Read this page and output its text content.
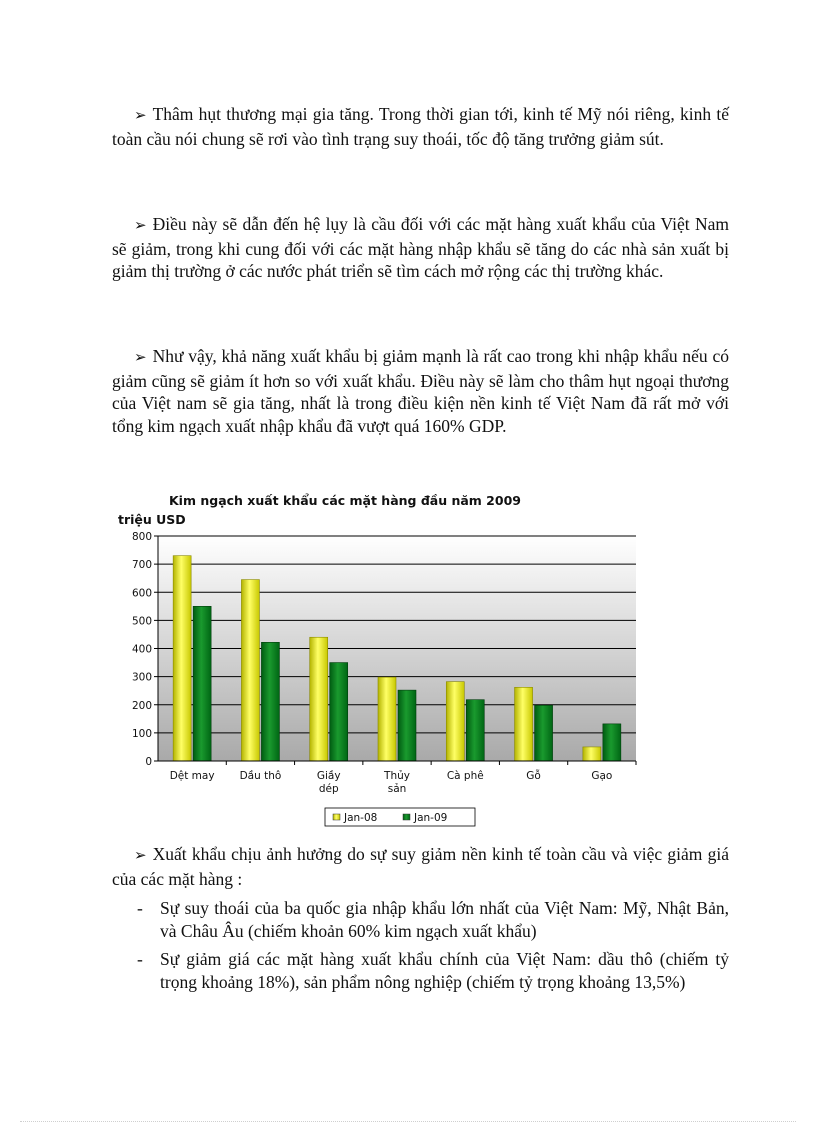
➢ Thâm hụt thương mại gia tăng. Trong thời gian tới, kinh tế Mỹ nói riêng, kinh tế toàn cầu nói chung sẽ rơi vào tình trạng suy thoái, tốc độ tăng trưởng giảm sút.

➢ Điều này sẽ dẫn đến hệ lụy là cầu đối với các mặt hàng xuất khẩu của Việt Nam sẽ giảm, trong khi cung đối với các mặt hàng nhập khẩu sẽ tăng do các nhà sản xuất bị giảm thị trường ở các nước phát triển sẽ tìm cách mở rộng các thị trường khác.

➢ Như vậy, khả năng xuất khẩu bị giảm mạnh là rất cao trong khi nhập khẩu nếu có giảm cũng sẽ giảm ít hơn so với xuất khẩu. Điều này sẽ làm cho thâm hụt ngoại thương của Việt nam sẽ gia tăng, nhất là trong điều kiện nền kinh tế Việt Nam đã rất mở với tổng kim ngạch xuất nhập khẩu đã vượt quá 160% GDP.

Kim ngạch xuất khẩu các mặt hàng đầu năm 2009
triệu USD
0
100
200
300
400
500
600
700
800
Dệt may Dầu thô	Giầy
dép
Thủy
sản
Cà phê	Gỗ	Gạo
Jan-08	Jan-09

➢ Xuất khẩu chịu ảnh hưởng do sự suy giảm nền kinh tế toàn cầu và việc giảm giá của các mặt hàng :

- Sự suy thoái của ba quốc gia nhập khẩu lớn nhất của Việt Nam: Mỹ, Nhật Bản, và Châu Âu (chiếm khoản 60% kim ngạch xuất khẩu)
- Sự giảm giá các mặt hàng xuất khẩu chính của Việt Nam: dầu thô (chiếm tỷ trọng khoảng 18%), sản phẩm nông nghiệp (chiếm tỷ trọng khoảng 13,5%)
